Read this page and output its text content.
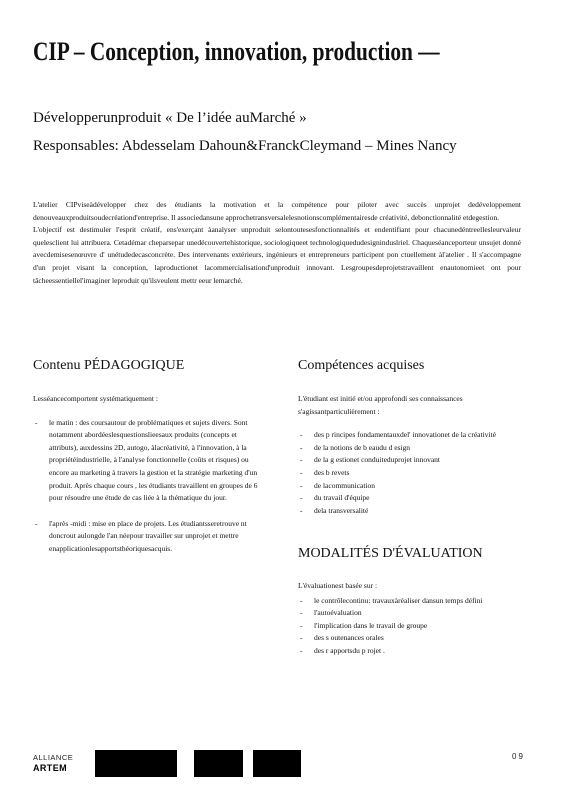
CIP – Conception, innovation, production —
Développerunproduit « De l’idée auMarché »
Responsables: Abdesselam Dahoun&FranckCleymand – Mines Nancy

L'atelier CIPviseàdévelopper chez des étudiants la motivation et la compétence pour piloter avec succès unprojet dedéveloppement denouveauxproduitsoudecréationd'entreprise. Il associedansune approchetransversalelesnotionscomplémentairesde créativité, debonctionnalité etdegestion.

L'objectif est destimuler l'esprit créatif, ens'exerçant àanalyser unproduit selontoutesesfonctionnalités et endentifiant pour chacunedéntreellesleurvaleur quelesclient lui attribuera. Cetadémar cheparsepar unedécouvertehistorique, sociologiqueet technologiquedudesigninduslriel. Chaqueséanceporteur unsujet donné avecdemisesenœuvre d' unétudedecasconcrète. Des intervenants extérieurs, ingénieurs et entrepreneurs participent pon ctuellement àl'atelier . Il s'accompagne d'un projet visant la conception, laproductionet lacommercialisationd'unproduit innovant. Lesgroupesdeprojetstravaillent enautonomieet ont pour tâcheessentiellel'imaginer leproduit qu'ilsveulent mettr eeur lemarché.

Contenu PÉDAGOGIQUE

Lesséancecomportent systématiquement :

- le matin : des coursautour de problématiques et sujets divers. Sont notamment abordéeslesquestionslieesaux produits (concepts et attributs), auxdessins 2D, autogo, àlacréativité, à l'innovation, à la propriétéindustrielle, à l'analyse fonctionnelle (coûts et risques) ou encore au marketing à travers la gestion et la stratégie marketing d'un produit. Après chaque cours , les étudiants travaillent en groupes de 6 pour résoudre une étude de cas liée à la thématique du jour.
- l'après -midi : mise en place de projets. Les étudiantsseretrouve nt doncrout aulongde l'an néepour travailler sur unprojet et mettre enapplicationlesapportsthéoriquesacquis.
Compétences acquises

L'étudiant est initié et/ou approfondi ses connaissances s'agissantparticulièrement :

- des p rincipes fondamentauxdel' innovationet de la créativité
- de la notions de b eaudu d esign
- de la g estionet conduiteduprojet innovant
- des b revets
- de lacommunication
- du travail d'équipe
- dela transversalité
MODALITÉS D'ÉVALUATION

L'évaluationest basée sur :

- le contrôlecontinu: travauxàréaliser dansun temps défini
- l'autoévaluation
- l'implication dans le travail de groupe
- des s outenances orales
- des r apportsdu p rojet .
ALLIANCE
ARTEM
09
